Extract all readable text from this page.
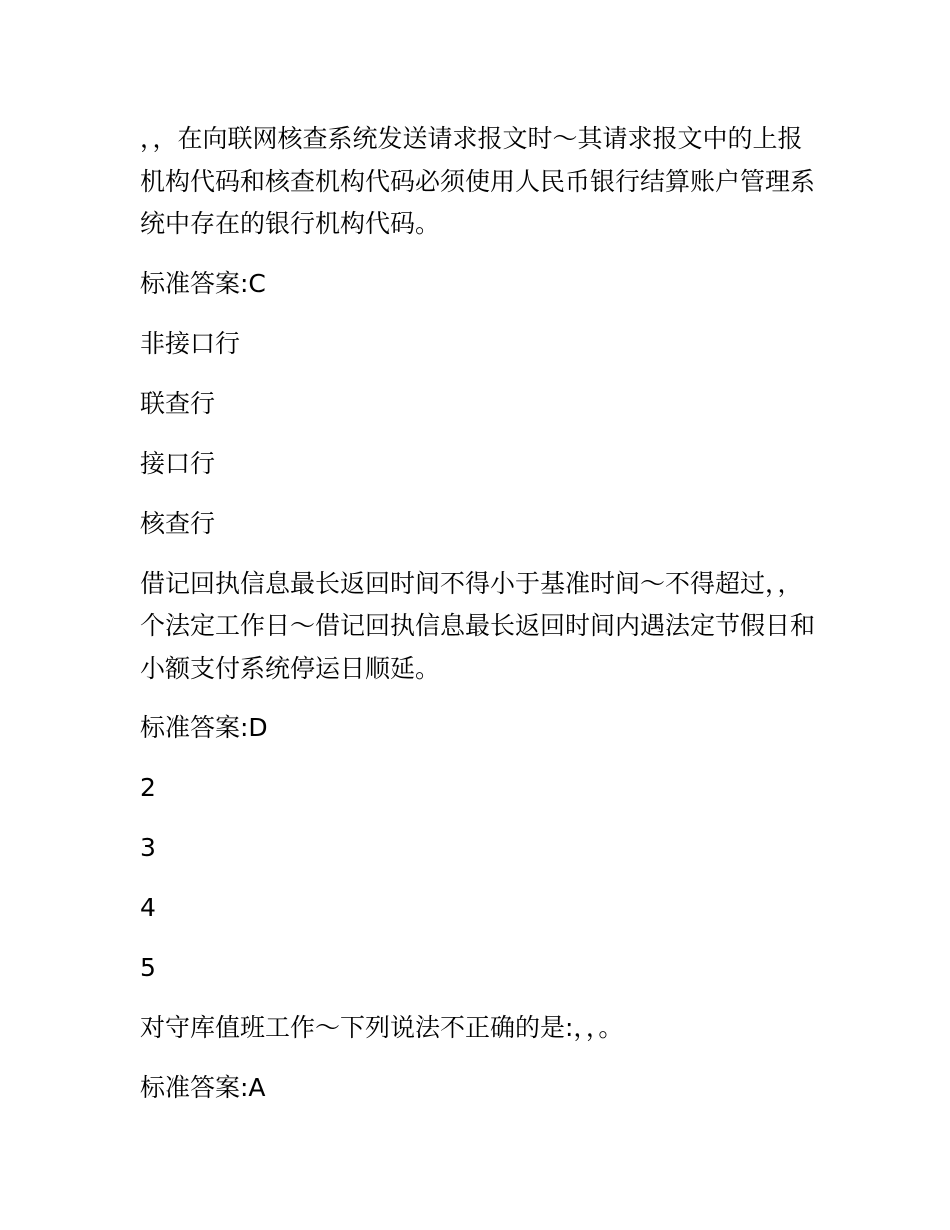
，，在向联网核查系统发送请求报文时～其请求报文中的上报机构代码和核查机构代码必须使用人民币银行结算账户管理系统中存在的银行机构代码。

标准答案:C

非接口行

联查行

接口行

核查行

借记回执信息最长返回时间不得小于基准时间～不得超过，，个法定工作日～借记回执信息最长返回时间内遇法定节假日和小额支付系统停运日顺延。

标准答案:D

2

3

4

5

对守库值班工作～下列说法不正确的是:，，。

标准答案:A
